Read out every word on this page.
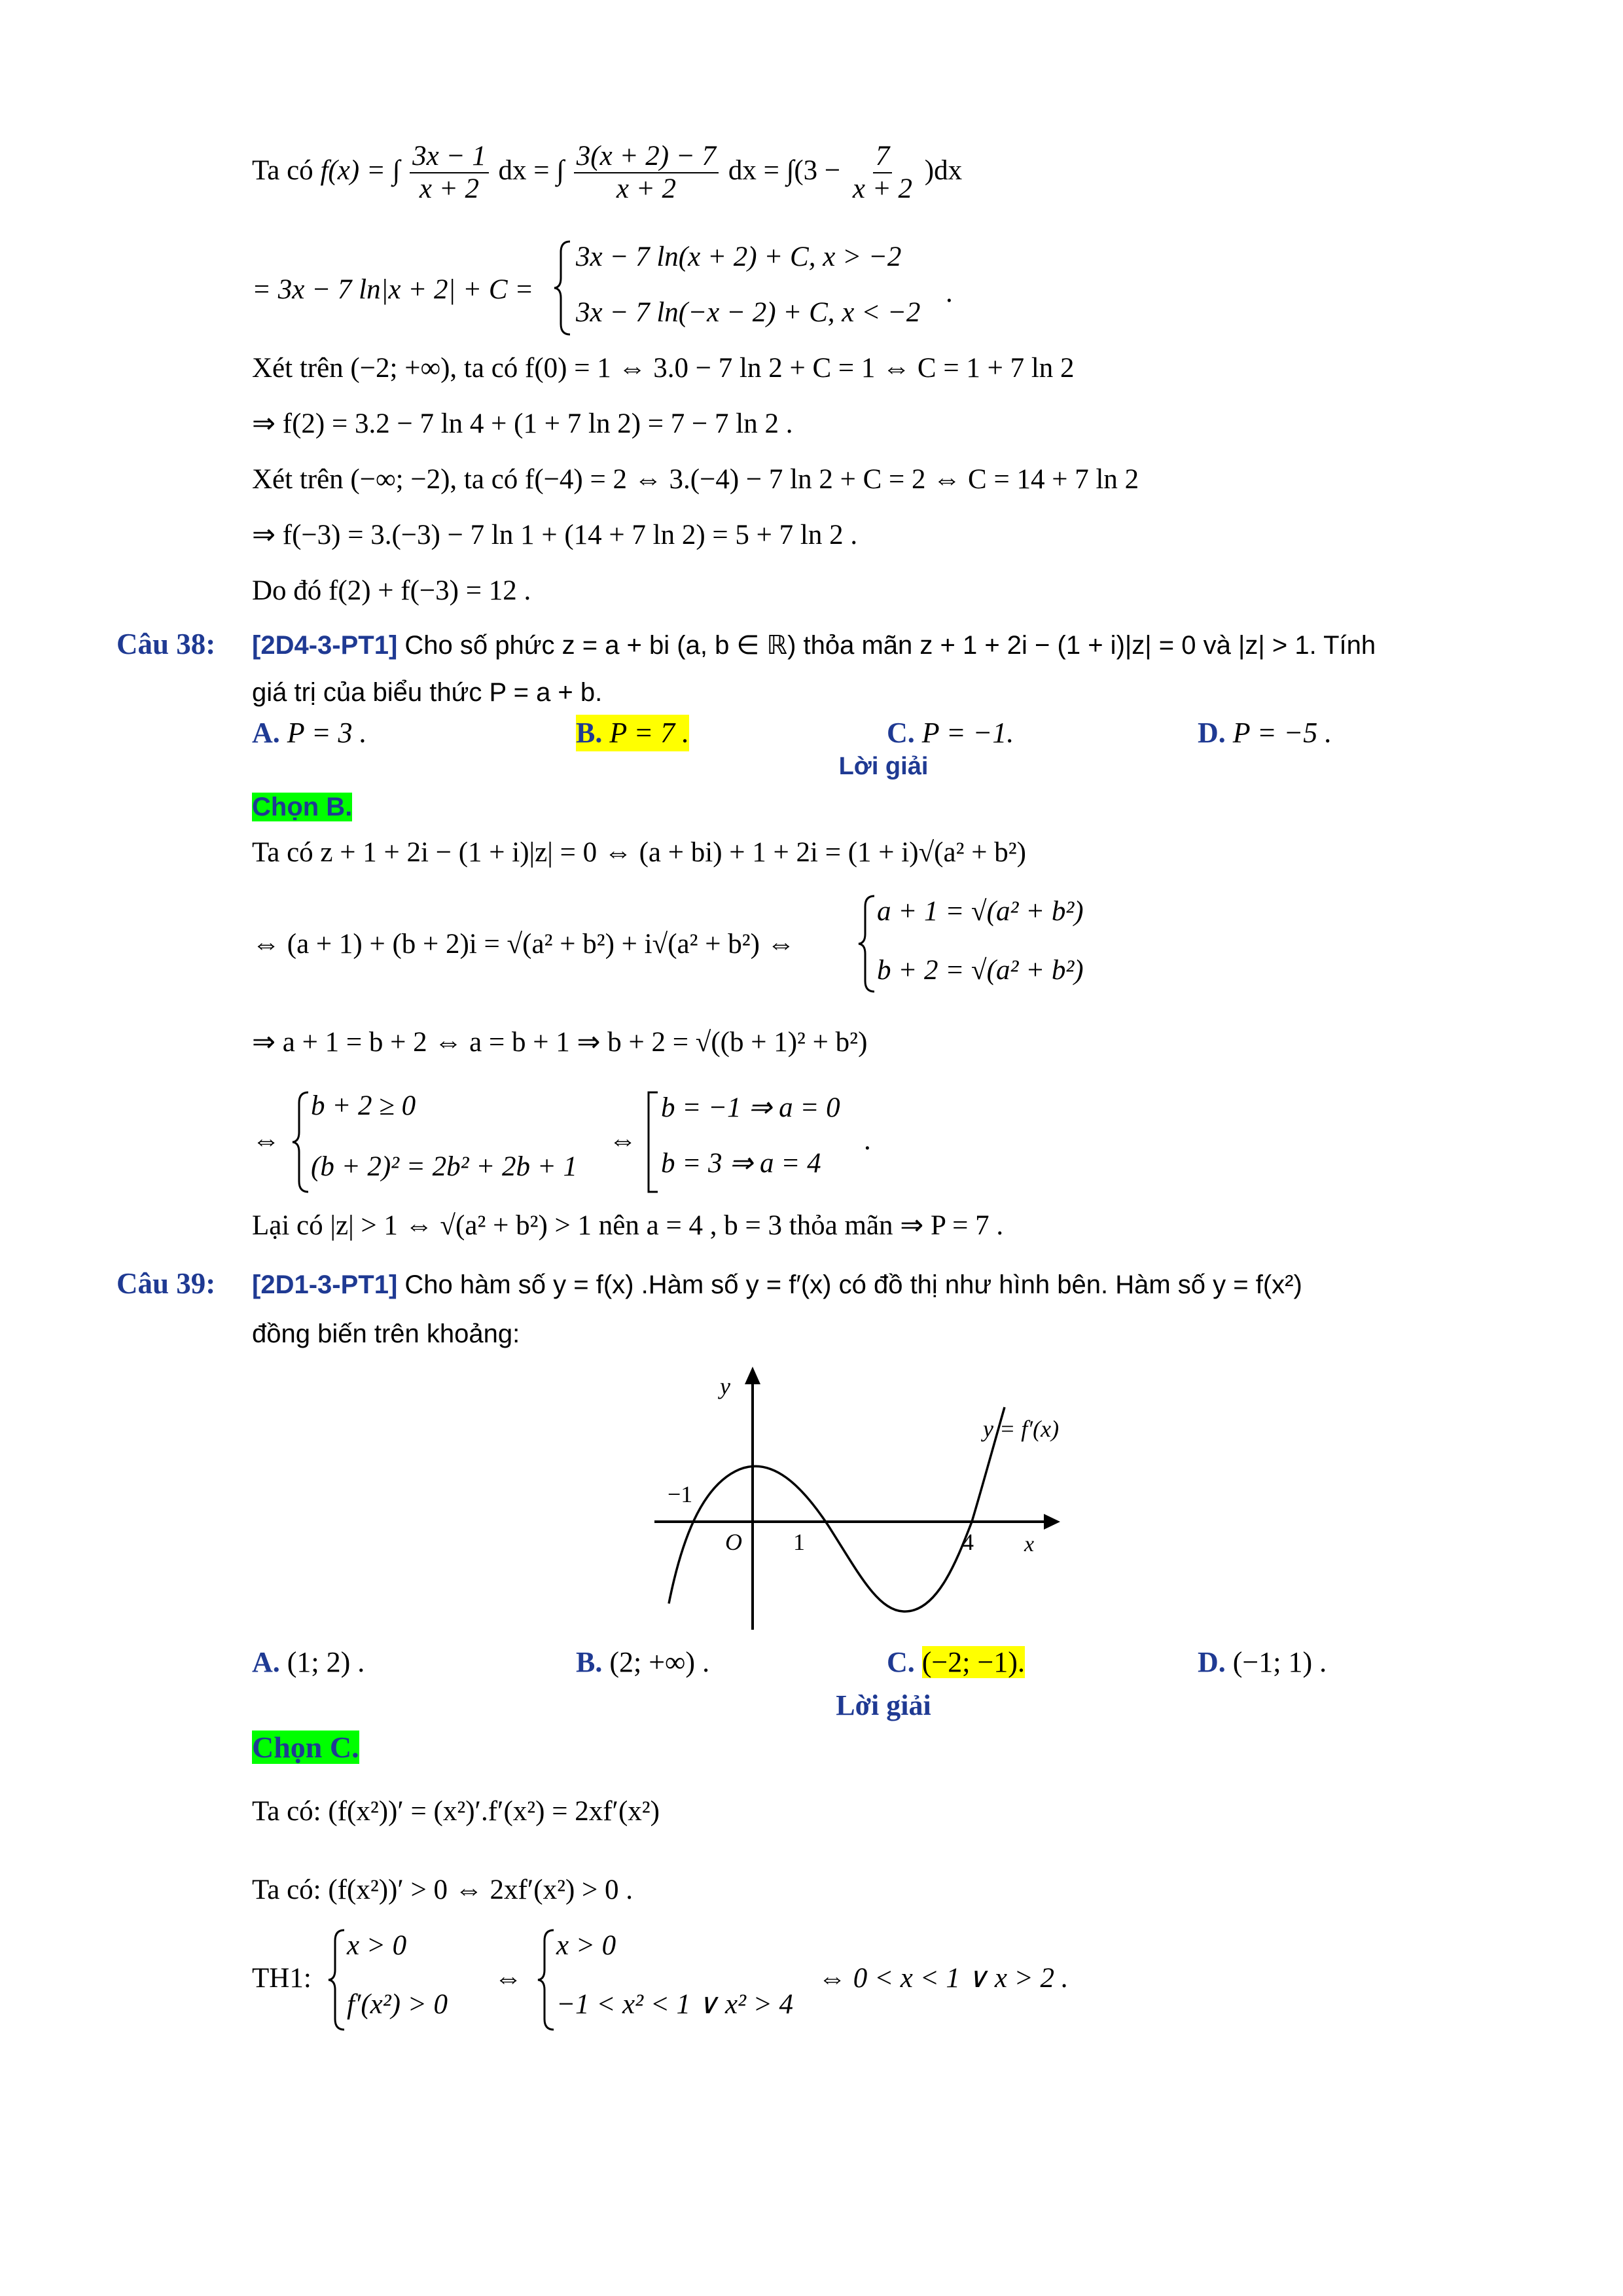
Ta có f(x) = ∫ $\frac{3x - 1}{x + 2}$ dx = ∫ $\frac{3(x + 2) - 7}{x + 2}$ dx = $\int(3 - \frac{7}{x + 2} )dx$
= 3x − 7 ln|x + 2| + C =
3x − 7 ln(x + 2) + C, x > −2
3x − 7 ln(−x − 2) + C, x < −2
.
Xét trên (−2; +∞), ta có f(0) = 1 ⇔ 3.0 − 7 ln 2 + C = 1 ⇔ C = 1 + 7 ln 2
⇒ f(2) = 3.2 − 7 ln 4 + (1 + 7 ln 2) = 7 − 7 ln 2 .
Xét trên (−∞; −2), ta có f(−4) = 2 ⇔ 3.(−4) − 7 ln 2 + C = 2 ⇔ C = 14 + 7 ln 2
⇒ f(−3) = 3.(−3) − 7 ln 1 + (14 + 7 ln 2) = 5 + 7 ln 2 .
Do đó f(2) + f(−3) = 12 .
Câu 38: [2D4-3-PT1] Cho số phức z = a + bi (a, b ∈ ℝ) thỏa mãn z + 1 + 2i − (1 + i)|z| = 0 và |z| > 1. Tính
giá trị của biểu thức P = a + b.
A. P = 3 .	B. P = 7 .	C. P = −1.	D. P = −5 .
Lời giải
Chọn B.
Ta có z + 1 + 2i − (1 + i)|z| = 0 ⇔ (a + bi) + 1 + 2i = (1 + i)√(a² + b²)
⇔ (a + 1) + (b + 2)i = √(a² + b²) + i√(a² + b²) ⇔
a + 1 = √(a² + b²)
b + 2 = √(a² + b²)
⇒ a + 1 = b + 2 ⇔ a = b + 1 ⇒ b + 2 = √((b + 1)² + b²)
⇔
b + 2 ≥ 0
(b + 2)² = 2b² + 2b + 1
⇔
b = −1 ⇒ a = 0
b = 3 ⇒ a = 4
.
Lại có |z| > 1 ⇔ √(a² + b²) > 1 nên a = 4 , b = 3 thỏa mãn ⇒ P = 7 .
Câu 39: [2D1-3-PT1] Cho hàm số y = f(x) .Hàm số y = f′(x) có đồ thị như hình bên. Hàm số y = f(x²)
đồng biến trên khoảng:
y
x
O
−1
1	4
y = f′(x)
A. (1; 2) .	B. (2; +∞) .	C. (−2; −1).	D. (−1; 1) .
Lời giải
Chọn C.
Ta có: (f(x²))′ = (x²)′.f′(x²) = 2xf′(x²)
Ta có: (f(x²))′ > 0 ⇔ 2xf′(x²) > 0 .
TH1:
x > 0
f′(x²) > 0
⇔
x > 0
−1 < x² < 1 ∨ x² > 4
⇔ 0 < x < 1 ∨ x > 2 .
